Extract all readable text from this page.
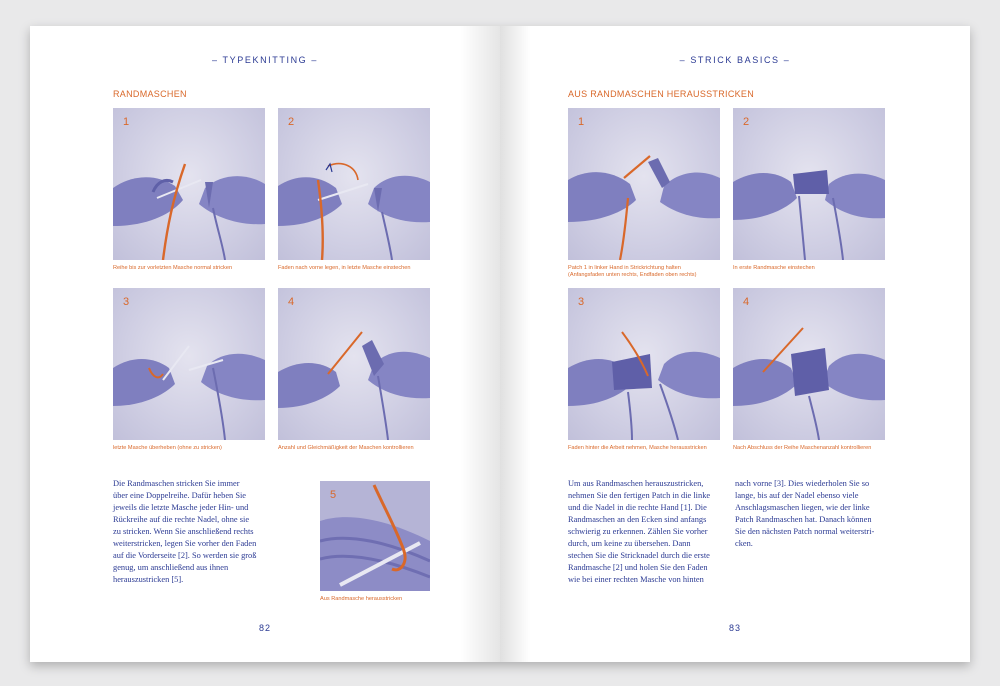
– TYPEKNITTING –
RANDMASCHEN
1
Reihe bis zur vorletzten Masche normal stricken
2
Faden nach vorne legen, in letzte Masche einstechen
3
letzte Masche überheben (ohne zu stricken)
4
Anzahl und Gleichmäßigkeit der Maschen kontrollieren
Die Randmaschen stricken Sie immer
über eine Doppelreihe. Dafür heben Sie
jeweils die letzte Masche jeder Hin- und
Rückreihe auf die rechte Nadel, ohne sie
zu stricken. Wenn Sie anschließend rechts
weiterstricken, legen Sie vorher den Faden
auf die Vorderseite [2]. So werden sie groß
genug, um anschließend aus ihnen
herauszustricken [5].
5
Aus Randmasche herausstricken
82
– STRICK BASICS –
AUS RANDMASCHEN HERAUSSTRICKEN
1
Patch 1 in linker Hand in Strickrichtung halten
(Anfangsfaden unten rechts, Endfaden oben rechts)
2
In erste Randmasche einstechen
3
Faden hinter die Arbeit nehmen, Masche herausstricken
4
Nach Abschluss der Reihe Maschenanzahl kontrollieren
Um aus Randmaschen herauszustricken,
nehmen Sie den fertigen Patch in die linke
und die Nadel in die rechte Hand [1]. Die
Randmaschen an den Ecken sind anfangs
schwierig zu erkennen. Zählen Sie vorher
durch, um keine zu übersehen. Dann
stechen Sie die Stricknadel durch die erste
Randmasche [2] und holen Sie den Faden
wie bei einer rechten Masche von hinten
nach vorne [3]. Dies wiederholen Sie so
lange, bis auf der Nadel ebenso viele
Anschlagsmaschen liegen, wie der linke
Patch Randmaschen hat. Danach können
Sie den nächsten Patch normal weiterstri-
cken.
83
